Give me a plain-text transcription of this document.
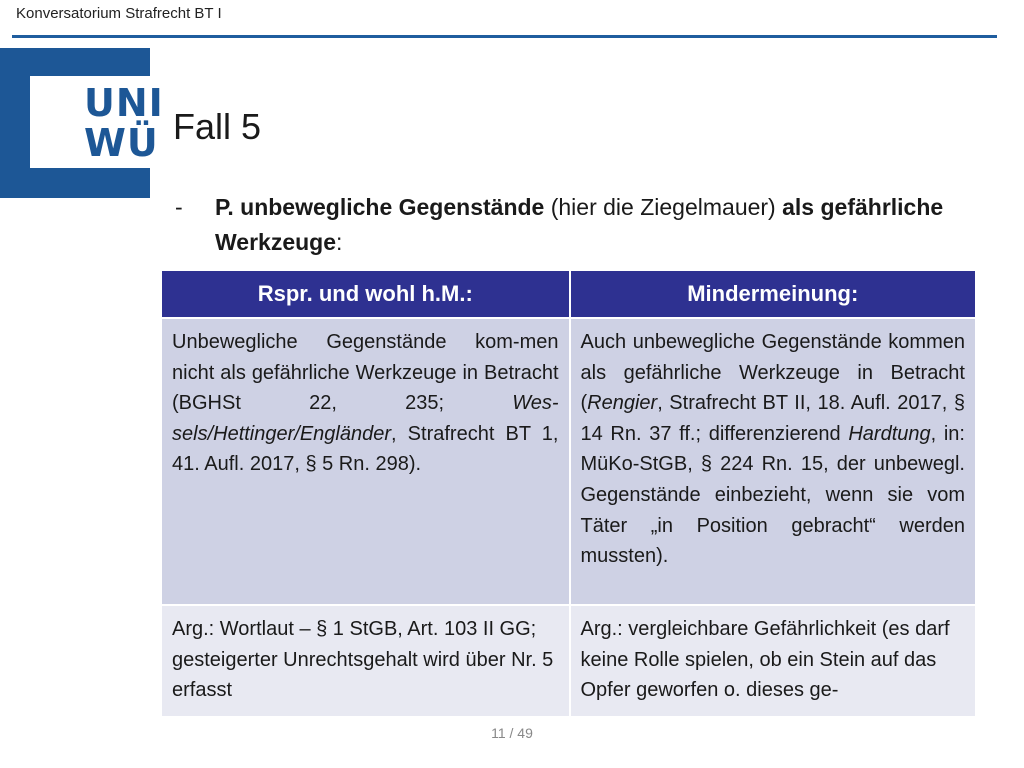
Konversatorium Strafrecht BT I
UNI
WÜ Fall 5
- P. unbewegliche Gegenstände (hier die Ziegelmauer) als gefährliche Werkzeuge:
Rspr. und wohl h.M.:	Mindermeinung:
Unbewegliche Gegenstände kom-men nicht als gefährliche Werkzeuge in Betracht (BGHSt 22, 235; Wes-sels/Hettinger/Engländer, Strafrecht BT 1, 41. Aufl. 2017, § 5 Rn. 298).
Auch unbewegliche Gegenstände kommen als gefährliche Werkzeuge in Betracht (Rengier, Strafrecht BT II, 18. Aufl. 2017, § 14 Rn. 37 ff.; differenzierend Hardtung, in: MüKo-StGB, § 224 Rn. 15, der unbewegl. Gegenstände einbezieht, wenn sie vom Täter „in Position gebracht“ werden mussten).
Arg.: Wortlaut – § 1 StGB, Art. 103 II GG; gesteigerter Unrechtsgehalt wird über Nr. 5 erfasst
Arg.: vergleichbare Gefährlichkeit (es darf keine Rolle spielen, ob ein Stein auf das Opfer geworfen o. dieses ge-
11 / 49
